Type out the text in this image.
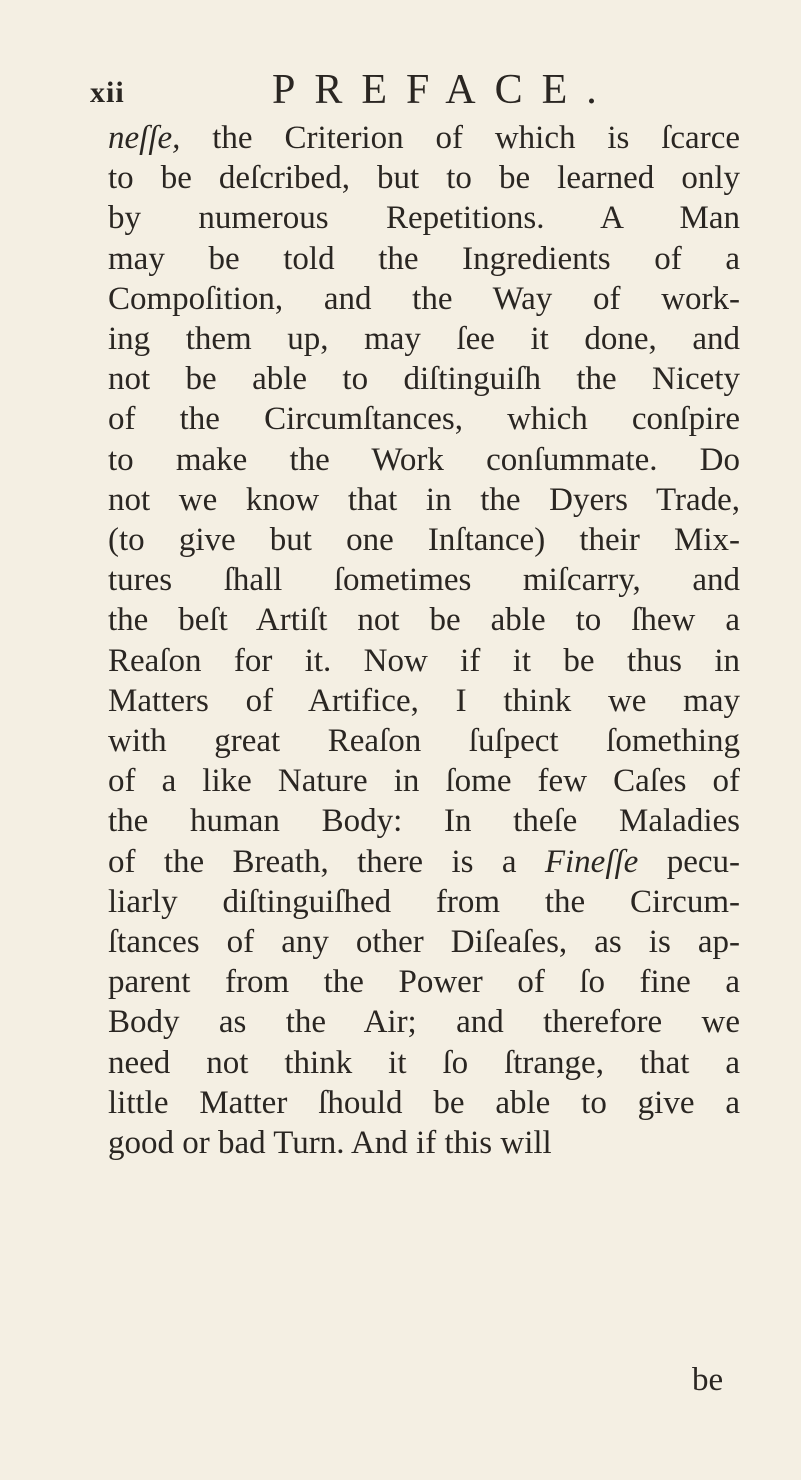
xii	PREFACE.
neſſe, the Criterion of which is ſcarce
to be deſcribed, but to be learned only
by numerous Repetitions. A Man
may be told the Ingredients of a
Compoſition, and the Way of work-
ing them up, may ſee it done, and
not be able to diſtinguiſh the Nicety
of the Circumſtances, which conſpire
to make the Work conſummate. Do
not we know that in the Dyers Trade,
(to give but one Inſtance) their Mix-
tures ſhall ſometimes miſcarry, and
the beſt Artiſt not be able to ſhew a
Reaſon for it. Now if it be thus in
Matters of Artifice, I think we may
with great Reaſon ſuſpect ſomething
of a like Nature in ſome few Caſes of
the human Body: In theſe Maladies
of the Breath, there is a Fineſſe pecu-
liarly diſtinguiſhed from the Circum-
ſtances of any other Diſeaſes, as is ap-
parent from the Power of ſo fine a
Body as the Air; and therefore we
need not think it ſo ſtrange, that a
little Matter ſhould be able to give a
good or bad Turn. And if this will
be
